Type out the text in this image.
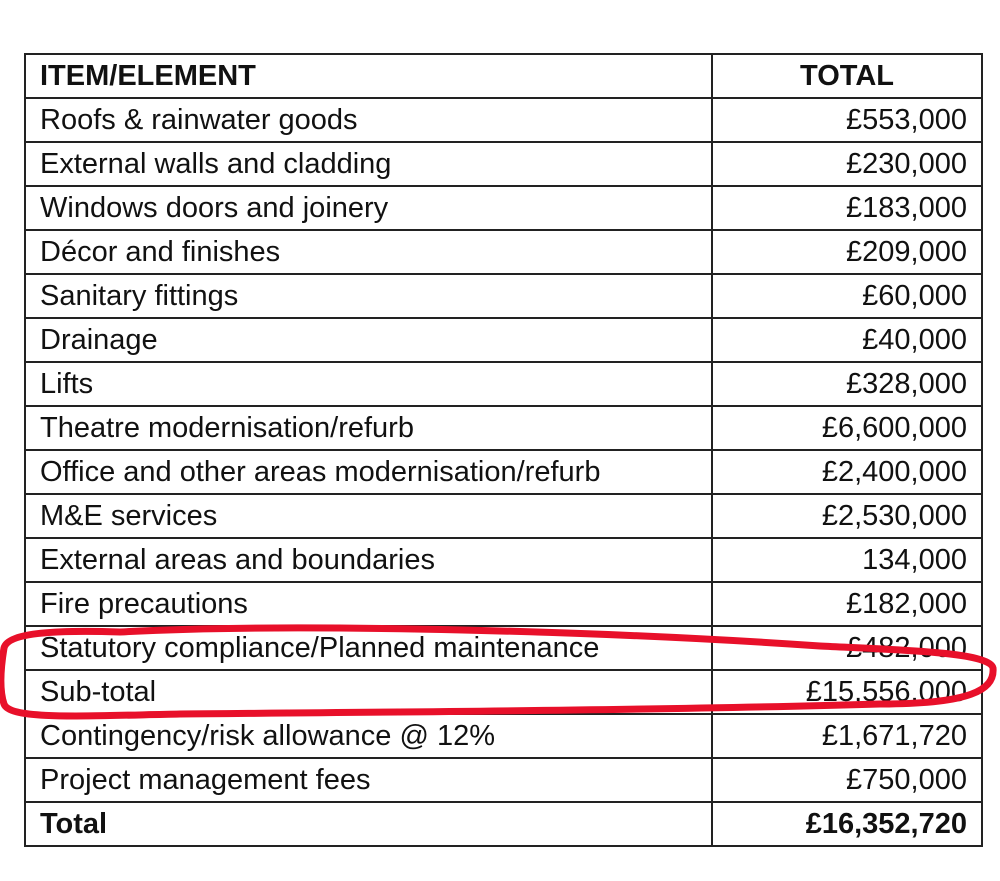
ITEM/ELEMENT	TOTAL
Roofs & rainwater goods	£553,000
External walls and cladding	£230,000
Windows doors and joinery	£183,000
Décor and finishes	£209,000
Sanitary fittings	£60,000
Drainage	£40,000
Lifts	£328,000
Theatre modernisation/refurb	£6,600,000
Office and other areas modernisation/refurb	£2,400,000
M&E services	£2,530,000
External areas and boundaries	134,000
Fire precautions	£182,000
Statutory compliance/Planned maintenance	£482,000
Sub-total	£15,556,000
Contingency/risk allowance @ 12%	£1,671,720
Project management fees	£750,000
Total	£16,352,720
